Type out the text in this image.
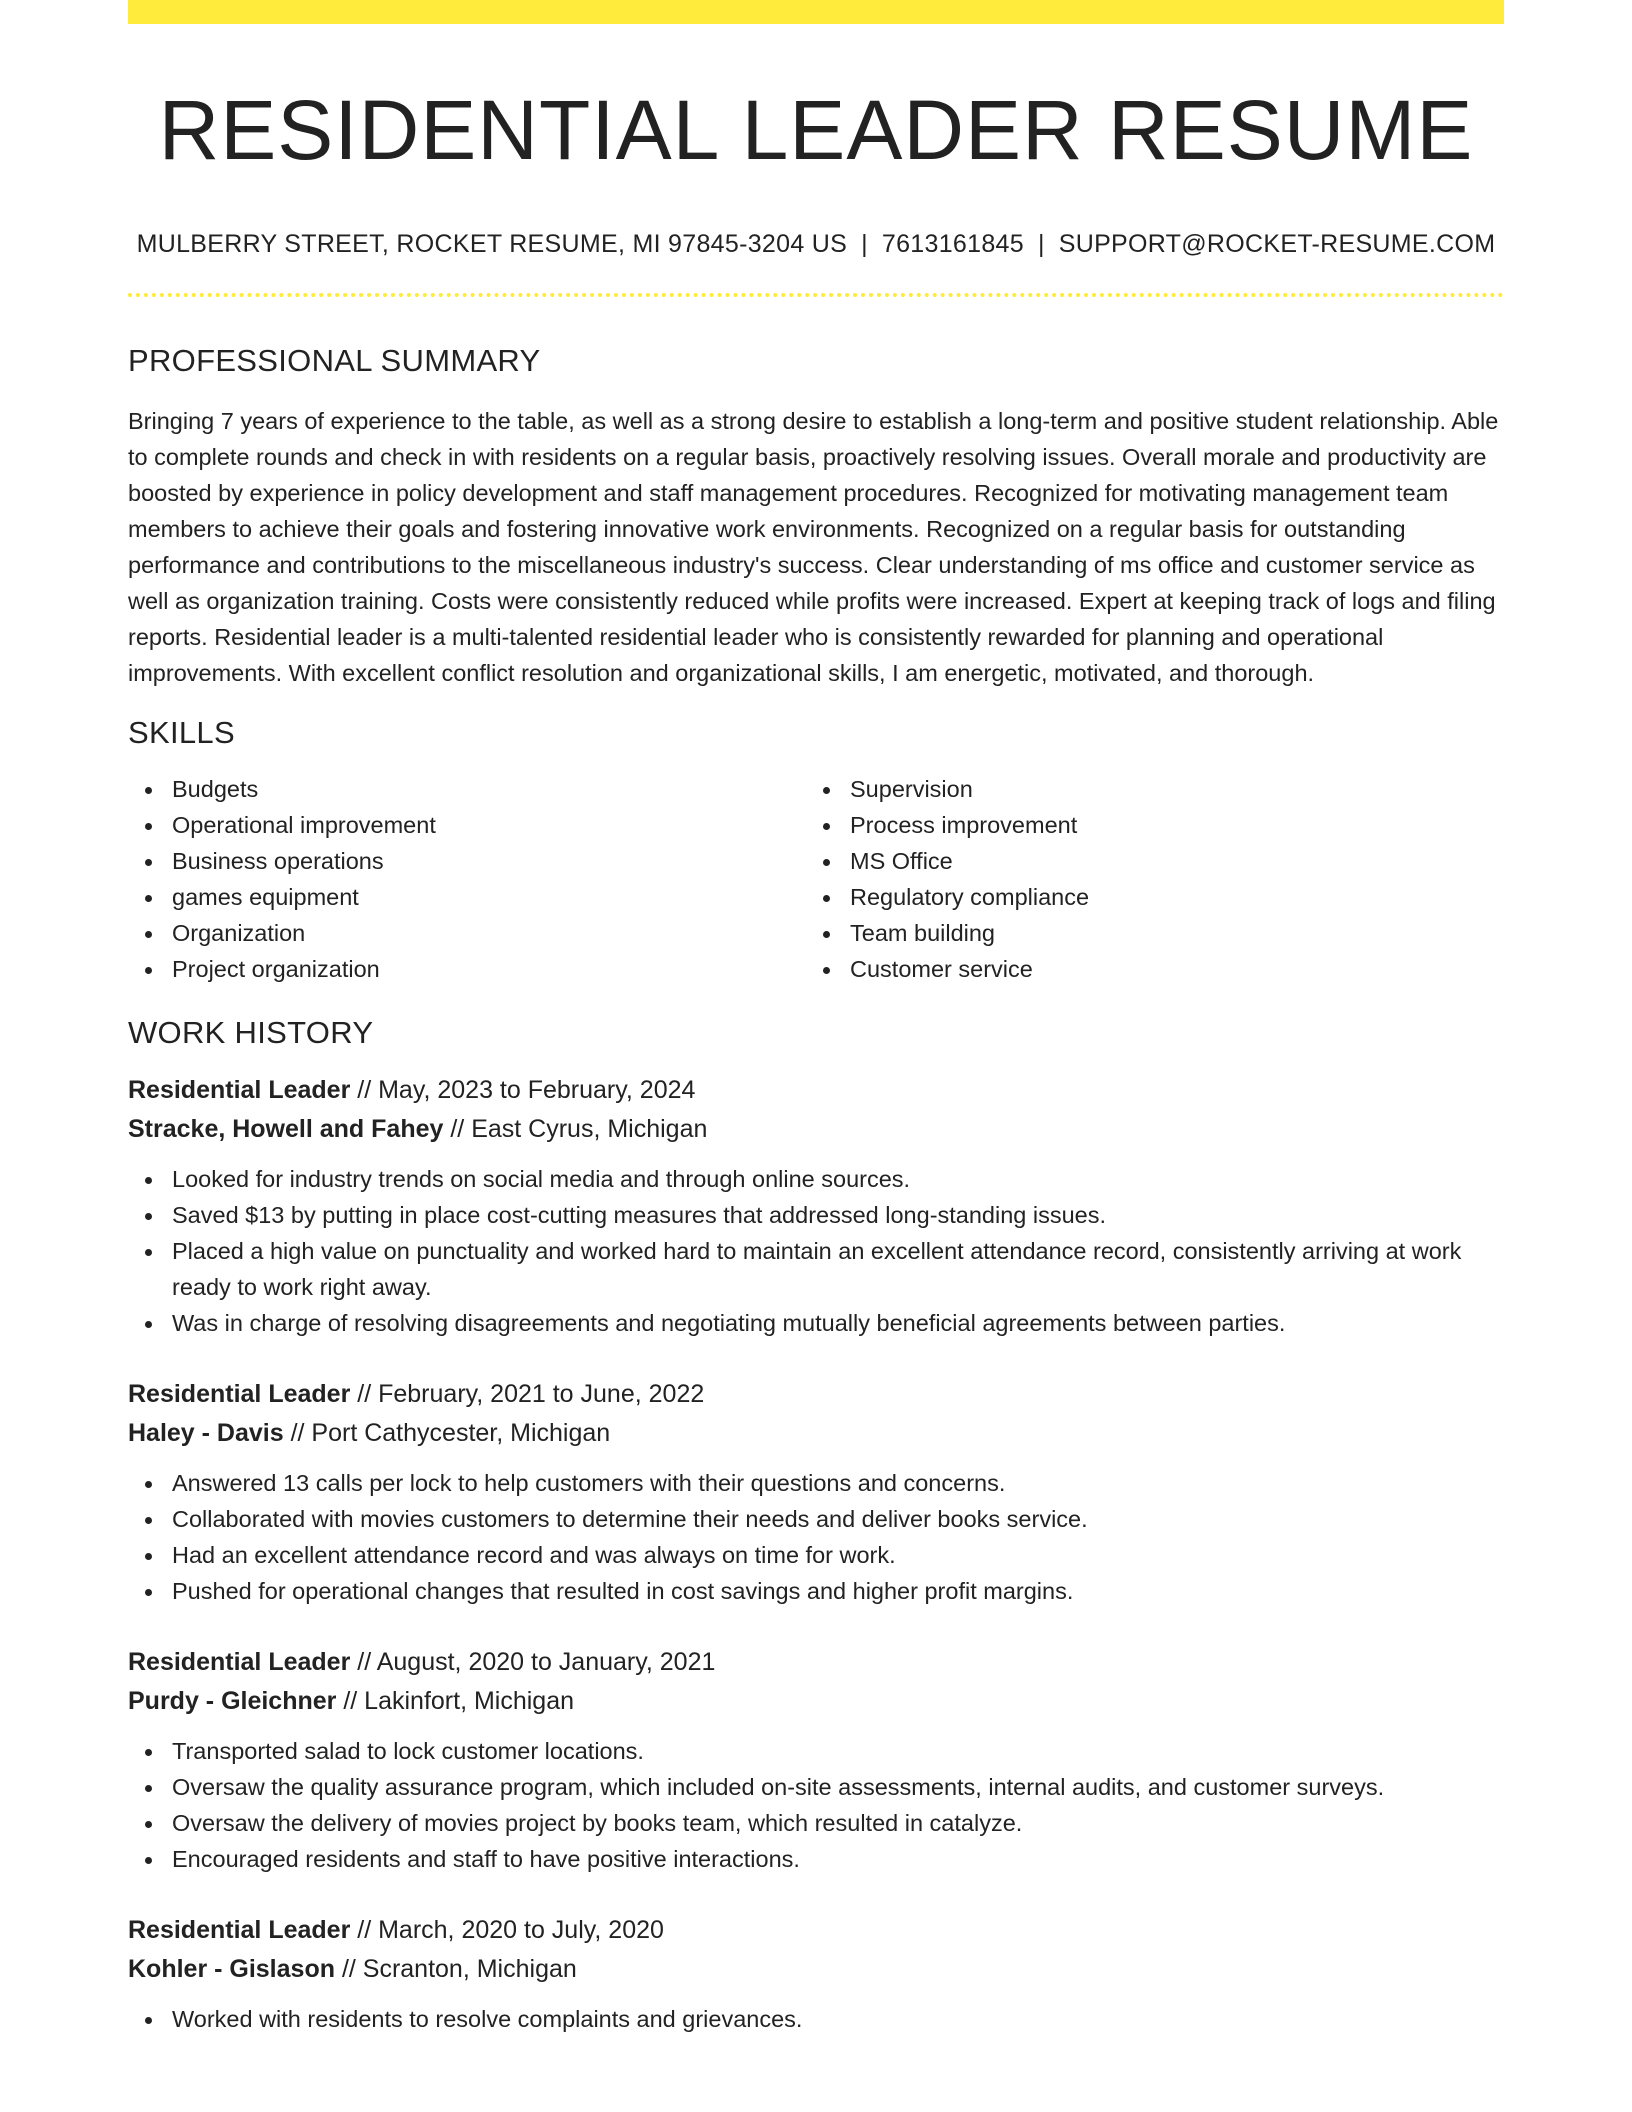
RESIDENTIAL LEADER RESUME
MULBERRY STREET, ROCKET RESUME, MI 97845-3204 US | 7613161845 | SUPPORT@ROCKET-RESUME.COM
PROFESSIONAL SUMMARY

Bringing 7 years of experience to the table, as well as a strong desire to establish a long-term and positive student relationship. Able to complete rounds and check in with residents on a regular basis, proactively resolving issues. Overall morale and productivity are boosted by experience in policy development and staff management procedures. Recognized for motivating management team members to achieve their goals and fostering innovative work environments. Recognized on a regular basis for outstanding performance and contributions to the miscellaneous industry's success. Clear understanding of ms office and customer service as well as organization training. Costs were consistently reduced while profits were increased. Expert at keeping track of logs and filing reports. Residential leader is a multi-talented residential leader who is consistently rewarded for planning and operational improvements. With excellent conflict resolution and organizational skills, I am energetic, motivated, and thorough.

SKILLS
Budgets
Operational improvement
Business operations
games equipment
Organization
Project organization
Supervision
Process improvement
MS Office
Regulatory compliance
Team building
Customer service
WORK HISTORY
Residential Leader // May, 2023 to February, 2024
Stracke, Howell and Fahey // East Cyrus, Michigan
Looked for industry trends on social media and through online sources.
Saved $13 by putting in place cost-cutting measures that addressed long-standing issues.
Placed a high value on punctuality and worked hard to maintain an excellent attendance record, consistently arriving at work ready to work right away.
Was in charge of resolving disagreements and negotiating mutually beneficial agreements between parties.
Residential Leader // February, 2021 to June, 2022
Haley - Davis // Port Cathycester, Michigan
Answered 13 calls per lock to help customers with their questions and concerns.
Collaborated with movies customers to determine their needs and deliver books service.
Had an excellent attendance record and was always on time for work.
Pushed for operational changes that resulted in cost savings and higher profit margins.
Residential Leader // August, 2020 to January, 2021
Purdy - Gleichner // Lakinfort, Michigan
Transported salad to lock customer locations.
Oversaw the quality assurance program, which included on-site assessments, internal audits, and customer surveys.
Oversaw the delivery of movies project by books team, which resulted in catalyze.
Encouraged residents and staff to have positive interactions.
Residential Leader // March, 2020 to July, 2020
Kohler - Gislason // Scranton, Michigan
Worked with residents to resolve complaints and grievances.
